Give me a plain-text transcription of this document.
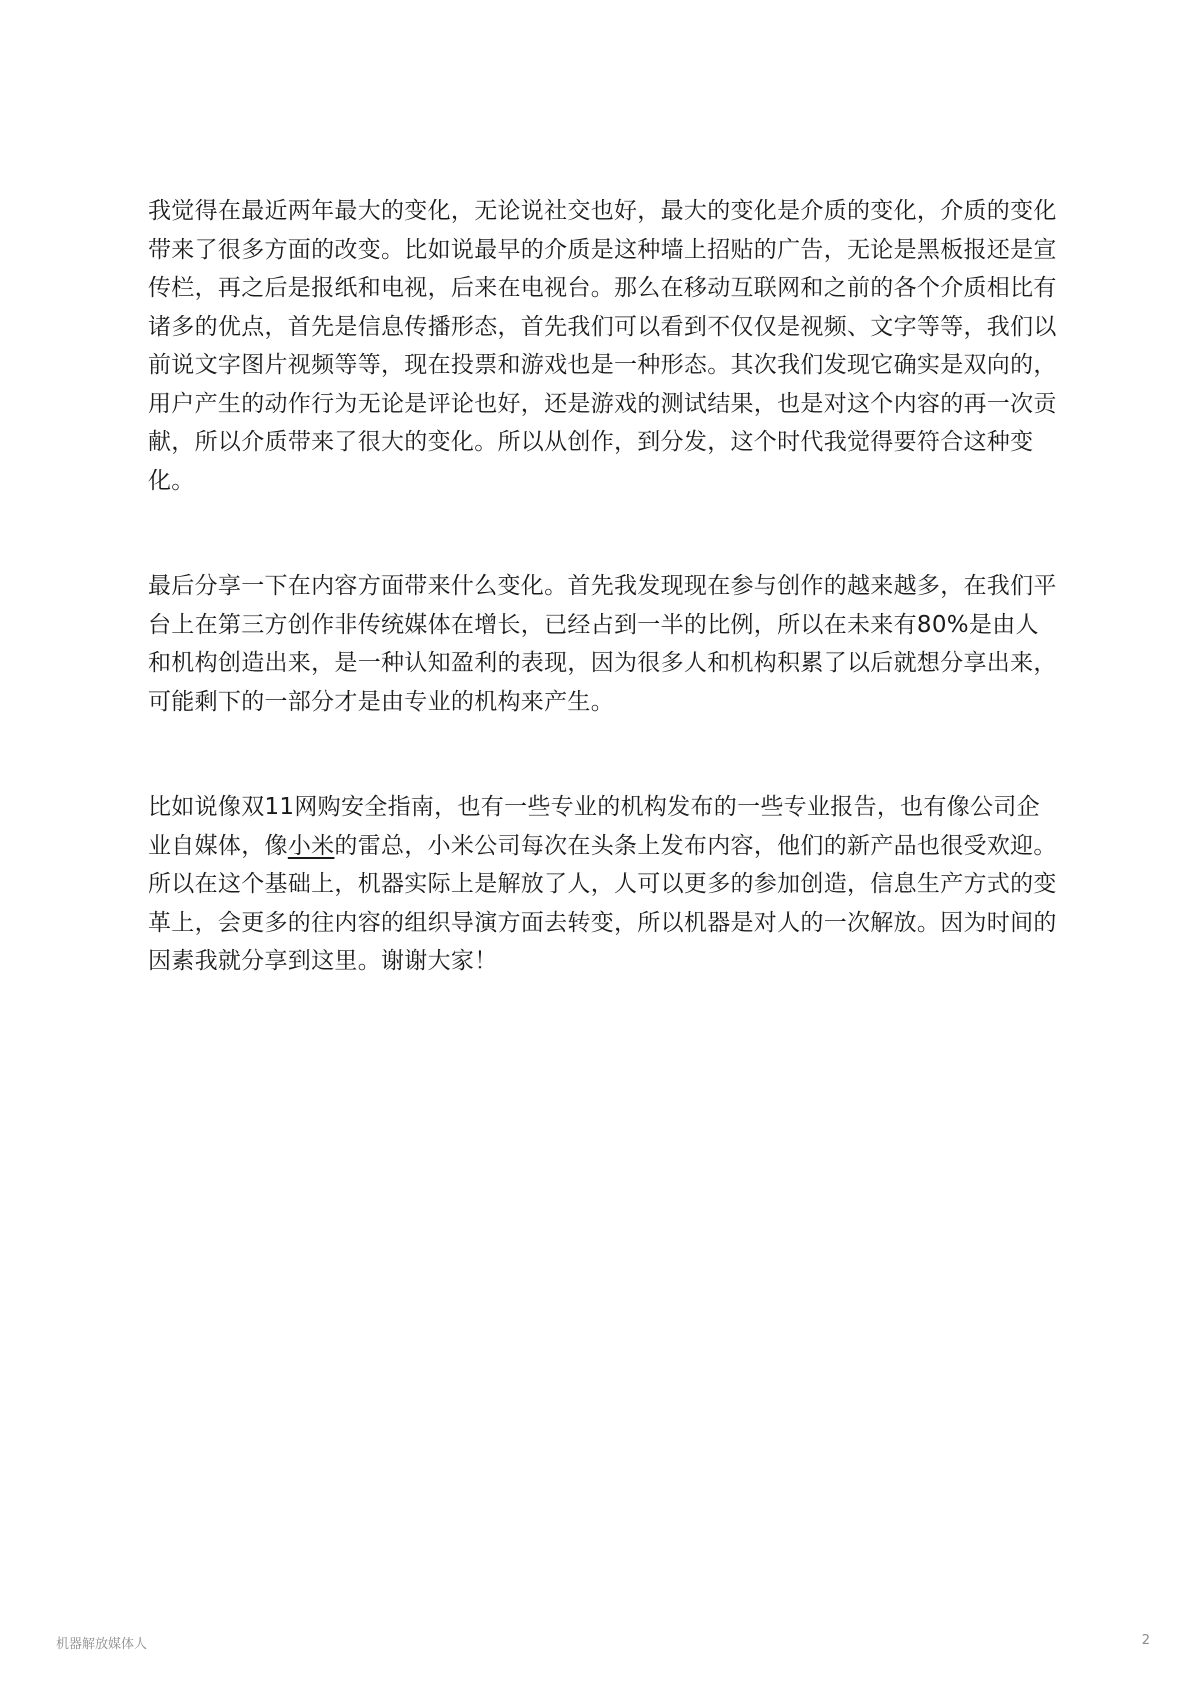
我觉得在最近两年最大的变化，无论说社交也好，最大的变化是介质的变化，介质的变化带来了很多方面的改变。比如说最早的介质是这种墙上招贴的广告，无论是黑板报还是宣传栏，再之后是报纸和电视，后来在电视台。那么在移动互联网和之前的各个介质相比有诸多的优点，首先是信息传播形态，首先我们可以看到不仅仅是视频、文字等等，我们以前说文字图片视频等等，现在投票和游戏也是一种形态。其次我们发现它确实是双向的，用户产生的动作行为无论是评论也好，还是游戏的测试结果，也是对这个内容的再一次贡献，所以介质带来了很大的变化。所以从创作，到分发，这个时代我觉得要符合这种变化。

最后分享一下在内容方面带来什么变化。首先我发现现在参与创作的越来越多，在我们平台上在第三方创作非传统媒体在增长，已经占到一半的比例，所以在未来有80%是由人和机构创造出来，是一种认知盈利的表现，因为很多人和机构积累了以后就想分享出来，可能剩下的一部分才是由专业的机构来产生。

比如说像双11网购安全指南，也有一些专业的机构发布的一些专业报告，也有像公司企业自媒体，像小米的雷总，小米公司每次在头条上发布内容，他们的新产品也很受欢迎。所以在这个基础上，机器实际上是解放了人，人可以更多的参加创造，信息生产方式的变革上，会更多的往内容的组织导演方面去转变，所以机器是对人的一次解放。因为时间的因素我就分享到这里。谢谢大家！

机器解放媒体人	2
